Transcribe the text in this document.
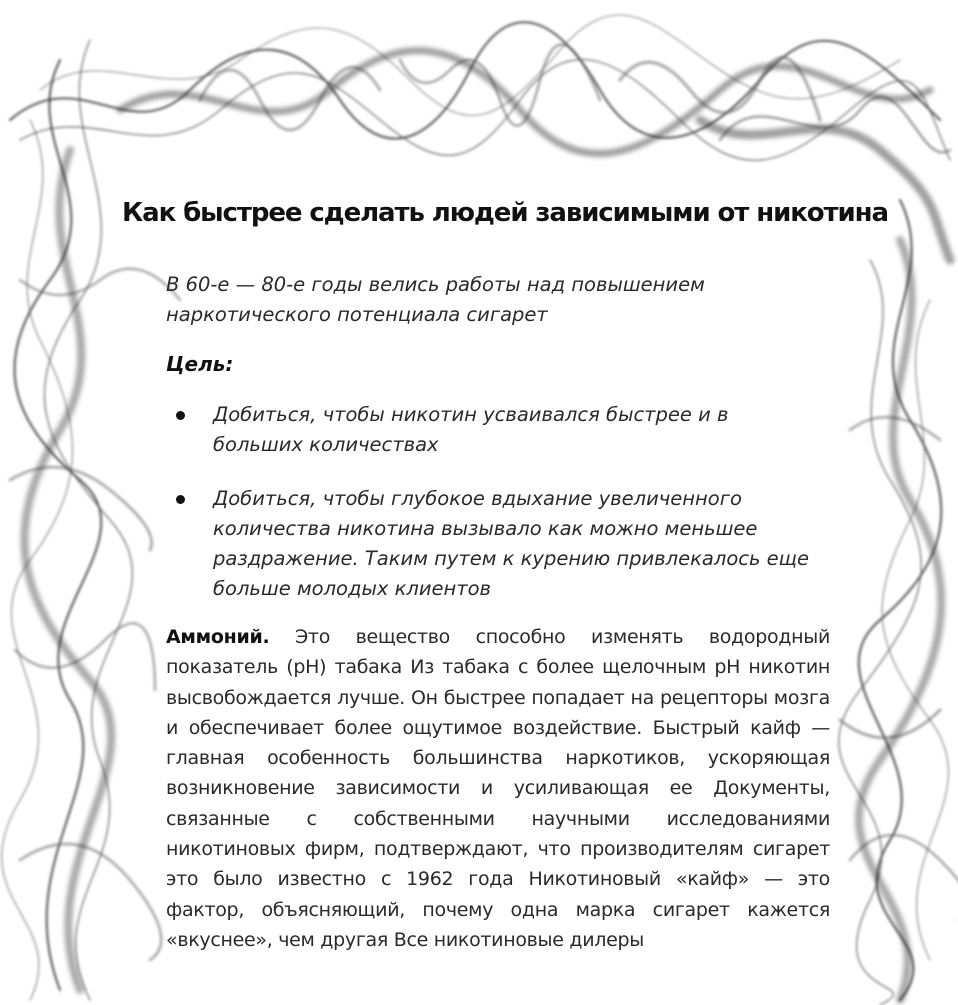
Как быстрее сделать людей зависимыми от никотина
В 60-е — 80-е годы велись работы над повышением наркотического потенциала сигарет
Цель:
Добиться, чтобы никотин усваивался быстрее и в больших количествах
Добиться, чтобы глубокое вдыхание увеличенного количества никотина вызывало как можно меньшее раздражение. Таким путем к курению привлекалось еще больше молодых клиентов
Аммоний. Это вещество способно изменять водородный показатель (pH) табака Из табака с более щелочным pH никотин высвобождается лучше. Он быстрее попадает на рецепторы мозга и обеспечивает более ощутимое воздействие. Быстрый кайф — главная особенность большинства наркотиков, ускоряющая возникновение зависимости и усиливающая ее Документы, связанные с собственными научными исследованиями никотиновых фирм, подтверждают, что производителям сигарет это было известно с 1962 года Никотиновый «кайф» — это фактор, объясняющий, почему одна марка сигарет кажется «вкуснее», чем другая Все никотиновые дилеры
